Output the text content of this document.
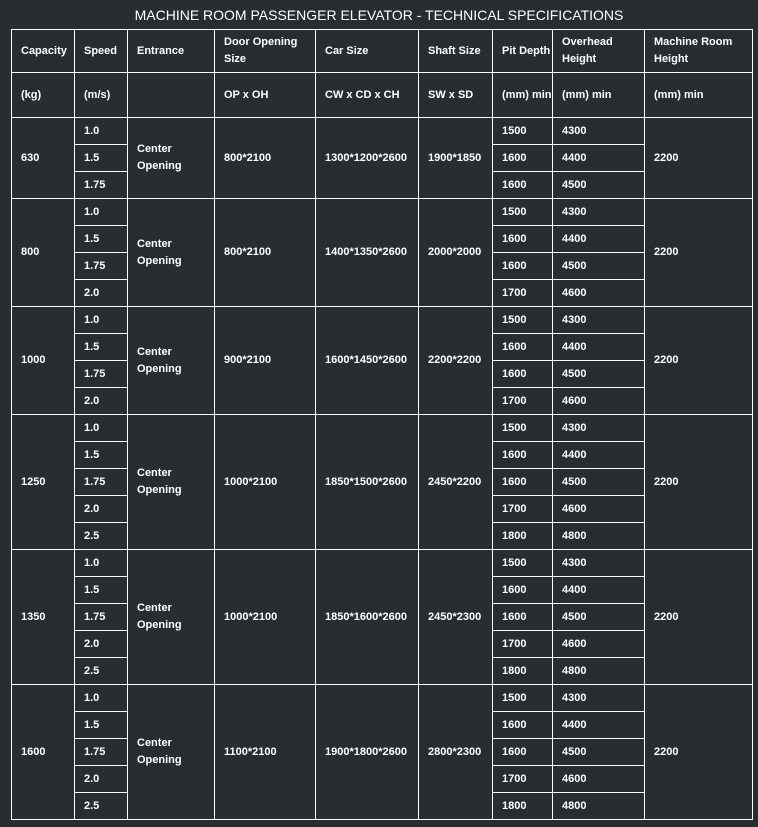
MACHINE ROOM PASSENGER ELEVATOR - TECHNICAL SPECIFICATIONS
Capacity	Speed	Entrance	Door Opening Size	Car Size	Shaft Size	Pit Depth	Overhead Height	Machine Room Height
(kg)	(m/s)		OP x OH	CW x CD x CH	SW x SD	(mm) min	(mm) min	(mm) min
630	1.0	Center Opening	800*2100	1300*1200*2600	1900*1850	1500	4300	2200
	1.5					1600	4400	
	1.75					1600	4500	
800	1.0	Center Opening	800*2100	1400*1350*2600	2000*2000	1500	4300	2200
	1.5					1600	4400	
	1.75					1600	4500	
	2.0					1700	4600	
1000	1.0	Center Opening	900*2100	1600*1450*2600	2200*2200	1500	4300	2200
	1.5					1600	4400	
	1.75					1600	4500	
	2.0					1700	4600	
1250	1.0	Center Opening	1000*2100	1850*1500*2600	2450*2200	1500	4300	2200
	1.5					1600	4400	
	1.75					1600	4500	
	2.0					1700	4600	
	2.5					1800	4800	
1350	1.0	Center Opening	1000*2100	1850*1600*2600	2450*2300	1500	4300	2200
	1.5					1600	4400	
	1.75					1600	4500	
	2.0					1700	4600	
	2.5					1800	4800	
1600	1.0	Center Opening	1100*2100	1900*1800*2600	2800*2300	1500	4300	2200
	1.5					1600	4400	
	1.75					1600	4500	
	2.0					1700	4600	
	2.5					1800	4800	
